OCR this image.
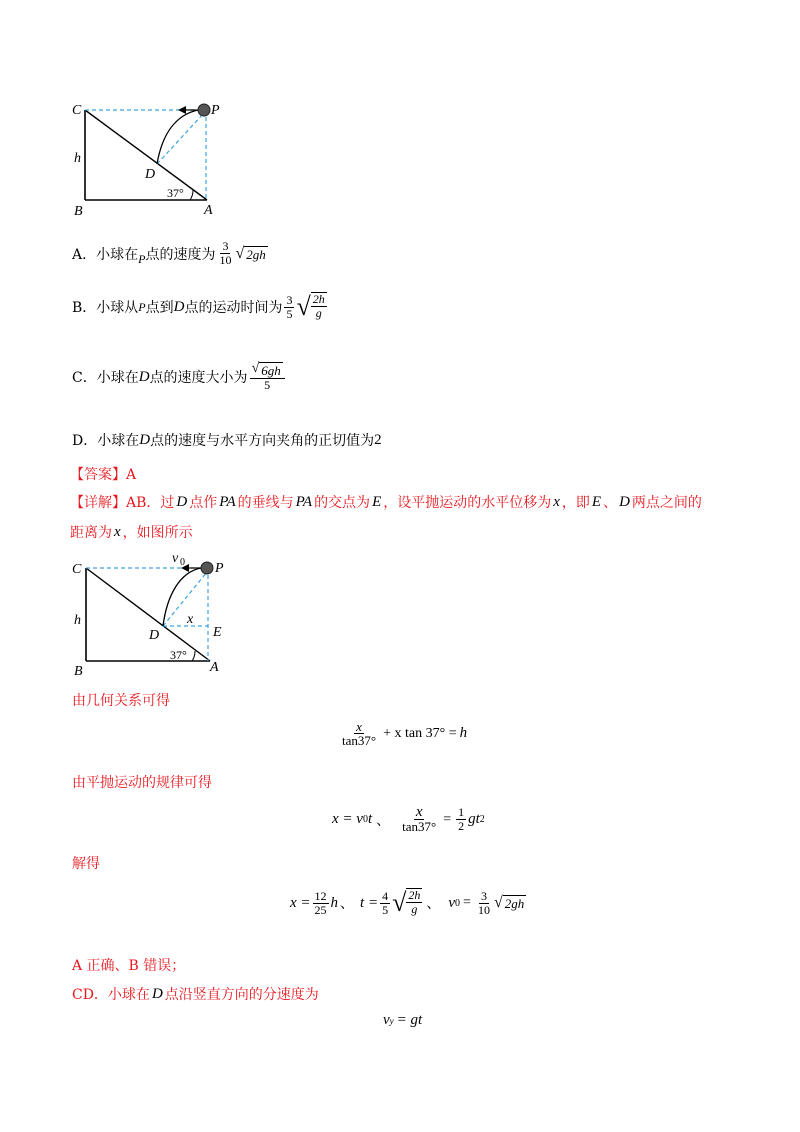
C	P
h
D
37°
B	A
A．小球在 P 点的速度为 $\frac{3}{10}$ √ 2gh
B．小球从 P 点到 D 点的运动时间为 $\frac{3}{5}$ √ $\frac{2h}{g}$
C．小球在 D 点的速度大小为 $\frac{√ 6gh}{5}$
D．小球在 D 点的速度与水平方向夹角的正切值为 2
【答案】A
【详解】 AB．过 D 点作 PA 的垂线与 PA 的交点为 E ，设平抛运动的水平位移为 x ，即 E 、 D 两点之间的
距离为 x ，如图所示
v 0
C	P
h	x
E
D
37°
B	A
由几何关系可得
$\frac{x}{\tan 37^\circ} + x$ tan 37° = h
由平抛运动的规律可得
x = v 0 t 、 $\frac{x}{\tan 37^\circ} = \frac{1}{2}$ gt 2
解得
$x = \frac{12}{25}$ h 、 $t = \frac{4}{5}$ √ $\frac{2h}{g}$ 、 v $0 = \frac{3}{10}$ √ 2gh
A 正确、B 错误；
CD．小球在 D 点沿竖直方向的分速度为
v y = gt
